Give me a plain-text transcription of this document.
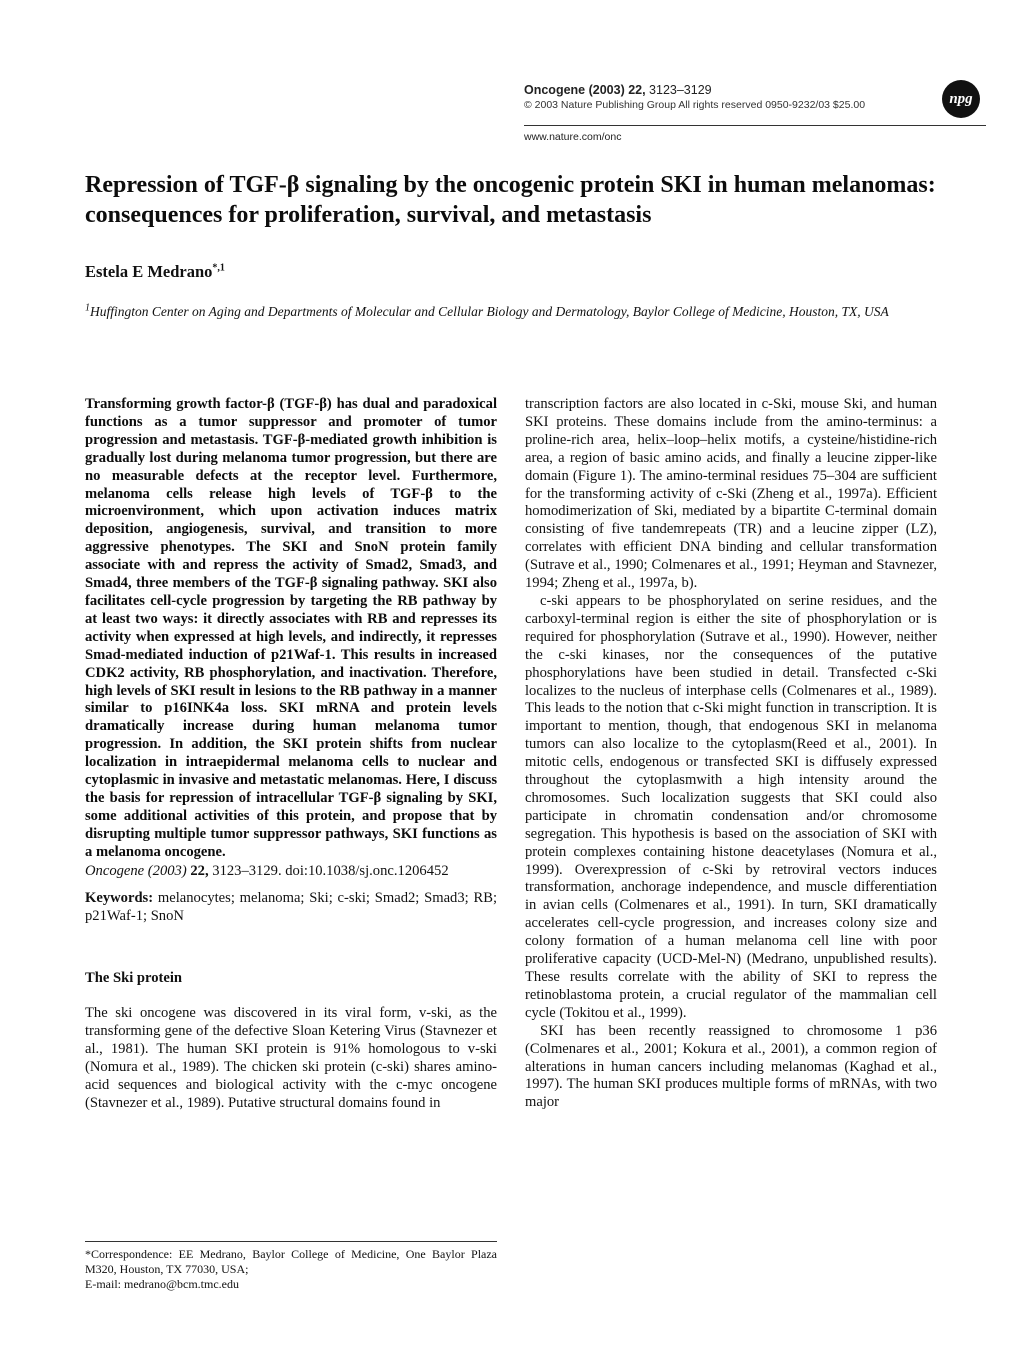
Oncogene (2003) 22, 3123–3129
© 2003 Nature Publishing Group All rights reserved 0950-9232/03 $25.00	npg
www.nature.com/onc
Repression of TGF-β signaling by the oncogenic protein SKI in human melanomas: consequences for proliferation, survival, and metastasis
Estela E Medrano$^{*,1}$
$^1$Huffington Center on Aging and Departments of Molecular and Cellular Biology and Dermatology, Baylor College of Medicine, Houston, TX, USA
Transforming growth factor-β (TGF-β) has dual and paradoxical functions as a tumor suppressor and promoter of tumor progression and metastasis. TGF-β-mediated growth inhibition is gradually lost during melanoma tumor progression, but there are no measurable defects at the receptor level. Furthermore, melanoma cells release high levels of TGF-β to the microenvironment, which upon activation induces matrix deposition, angiogenesis, survival, and transition to more aggressive phenotypes. The SKI and SnoN protein family associate with and repress the activity of Smad2, Smad3, and Smad4, three members of the TGF-β signaling pathway. SKI also facilitates cell-cycle progression by targeting the RB pathway by at least two ways: it directly associates with RB and represses its activity when expressed at high levels, and indirectly, it represses Smad-mediated induction of p21Waf-1. This results in increased CDK2 activity, RB phosphorylation, and inactivation. Therefore, high levels of SKI result in lesions to the RB pathway in a manner similar to p16INK4a loss. SKI mRNA and protein levels dramatically increase during human melanoma tumor progression. In addition, the SKI protein shifts from nuclear localization in intraepidermal melanoma cells to nuclear and cytoplasmic in invasive and metastatic melanomas. Here, I discuss the basis for repression of intracellular TGF-β signaling by SKI, some additional activities of this protein, and propose that by disrupting multiple tumor suppressor pathways, SKI functions as a melanoma oncogene.
Oncogene (2003) 22, 3123–3129. doi:10.1038/sj.onc.1206452
Keywords: melanocytes; melanoma; Ski; c-ski; Smad2; Smad3; RB; p21Waf-1; SnoN
The Ski protein
The ski oncogene was discovered in its viral form, v-ski, as the transforming gene of the defective Sloan Ketering Virus (Stavnezer et al., 1981). The human SKI protein is 91% homologous to v-ski (Nomura et al., 1989). The chicken ski protein (c-ski) shares amino-acid sequences and biological activity with the c-myc oncogene (Stavnezer et al., 1989). Putative structural domains found in
*Correspondence: EE Medrano, Baylor College of Medicine, One Baylor Plaza M320, Houston, TX 77030, USA;
E-mail: medrano@bcm.tmc.edu

transcription factors are also located in c-Ski, mouse Ski, and human SKI proteins. These domains include from the amino-terminus: a proline-rich area, helix–loop–helix motifs, a cysteine/histidine-rich area, a region of basic amino acids, and finally a leucine zipper-like domain (Figure 1). The amino-terminal residues 75–304 are sufficient for the transforming activity of c-Ski (Zheng et al., 1997a). Efficient homodimerization of Ski, mediated by a bipartite C-terminal domain consisting of five tandemrepeats (TR) and a leucine zipper (LZ), correlates with efficient DNA binding and cellular transformation (Sutrave et al., 1990; Colmenares et al., 1991; Heyman and Stavnezer, 1994; Zheng et al., 1997a, b).

c-ski appears to be phosphorylated on serine residues, and the carboxyl-terminal region is either the site of phosphorylation or is required for phosphorylation (Sutrave et al., 1990). However, neither the c-ski kinases, nor the consequences of the putative phosphorylations have been studied in detail. Transfected c-Ski localizes to the nucleus of interphase cells (Colmenares et al., 1989). This leads to the notion that c-Ski might function in transcription. It is important to mention, though, that endogenous SKI in melanoma tumors can also localize to the cytoplasm(Reed et al., 2001). In mitotic cells, endogenous or transfected SKI is diffusely expressed throughout the cytoplasmwith a high intensity around the chromosomes. Such localization suggests that SKI could also participate in chromatin condensation and/or chromosome segregation. This hypothesis is based on the association of SKI with protein complexes containing histone deacetylases (Nomura et al., 1999). Overexpression of c-Ski by retroviral vectors induces transformation, anchorage independence, and muscle differentiation in avian cells (Colmenares et al., 1991). In turn, SKI dramatically accelerates cell-cycle progression, and increases colony size and colony formation of a human melanoma cell line with poor proliferative capacity (UCD-Mel-N) (Medrano, unpublished results). These results correlate with the ability of SKI to repress the retinoblastoma protein, a crucial regulator of the mammalian cell cycle (Tokitou et al., 1999).

SKI has been recently reassigned to chromosome 1 p36 (Colmenares et al., 2001; Kokura et al., 2001), a common region of alterations in human cancers including melanomas (Kaghad et al., 1997). The human SKI produces multiple forms of mRNAs, with two major
